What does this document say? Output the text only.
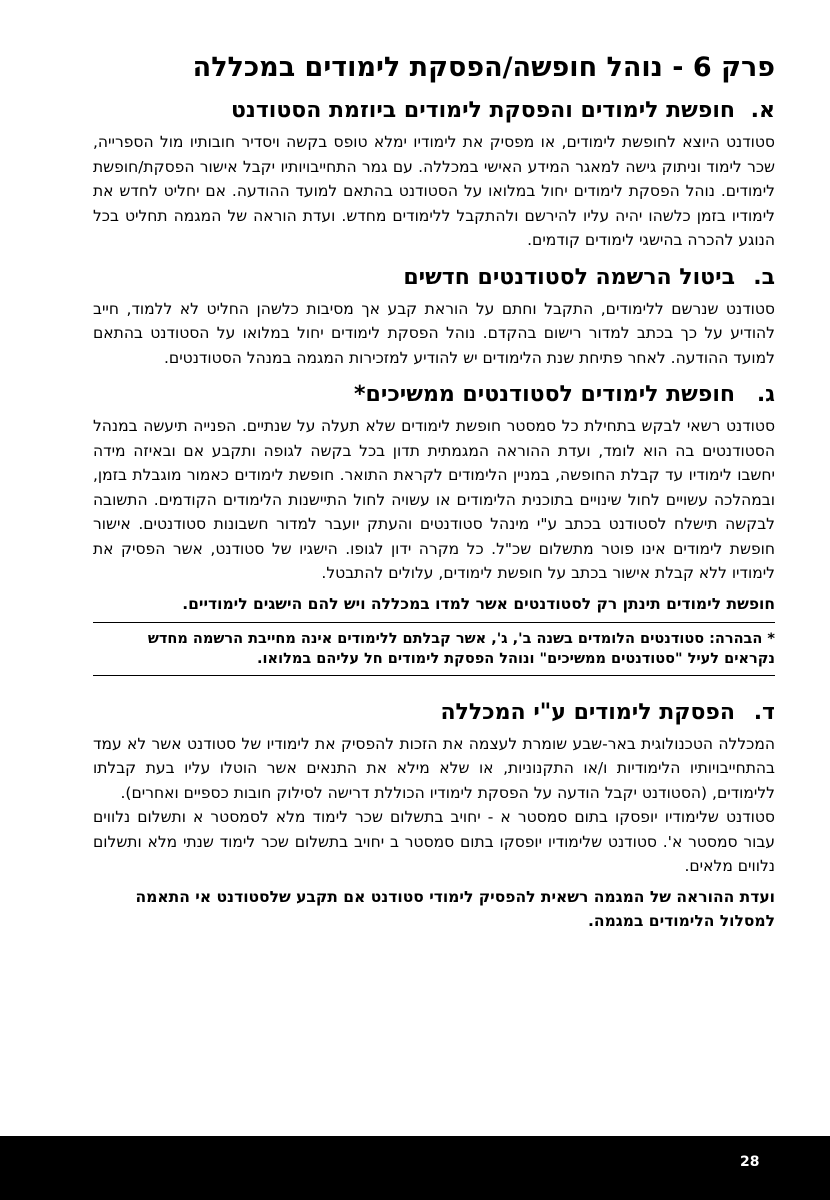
פרק 6 - נוהל חופשה/הפסקת לימודים במכללה
א.
חופשת לימודים והפסקת לימודים ביוזמת הסטודנט

סטודנט היוצא לחופשת לימודים, או מפסיק את לימודיו ימלא טופס בקשה ויסדיר חובותיו מול הספרייה, שכר לימוד וניתוק גישה למאגר המידע האישי במכללה. עם גמר התחייבויותיו יקבל אישור הפסקת/חופשת לימודים. נוהל הפסקת לימודים יחול במלואו על הסטודנט בהתאם למועד ההודעה. אם יחליט לחדש את לימודיו בזמן כלשהו יהיה עליו להירשם ולהתקבל ללימודים מחדש. ועדת הוראה של המגמה תחליט בכל הנוגע להכרה בהישגי לימודים קודמים.

ב.
ביטול הרשמה לסטודנטים חדשים

סטודנט שנרשם ללימודים, התקבל וחתם על הוראת קבע אך מסיבות כלשהן החליט לא ללמוד, חייב להודיע על כך בכתב למדור רישום בהקדם. נוהל הפסקת לימודים יחול במלואו על הסטודנט בהתאם למועד ההודעה. לאחר פתיחת שנת הלימודים יש להודיע למזכירות המגמה במנהל הסטודנטים.

ג.
חופשת לימודים לסטודנטים ממשיכים*

סטודנט רשאי לבקש בתחילת כל סמסטר חופשת לימודים שלא תעלה על שנתיים. הפנייה תיעשה במנהל הסטודנטים בה הוא לומד, ועדת ההוראה המגמתית תדון בכל בקשה לגופה ותקבע אם ובאיזה מידה יחשבו לימודיו עד קבלת החופשה, במניין הלימודים לקראת התואר. חופשת לימודים כאמור מוגבלת בזמן, ובמהלכה עשויים לחול שינויים בתוכנית הלימודים או עשויה לחול התיישנות הלימודים הקודמים. התשובה לבקשה תישלח לסטודנט בכתב ע"י מינהל סטודנטים והעתק יועבר למדור חשבונות סטודנטים. אישור חופשת לימודים אינו פוטר מתשלום שכ"ל. כל מקרה ידון לגופו. הישגיו של סטודנט, אשר הפסיק את לימודיו ללא קבלת אישור בכתב על חופשת לימודים, עלולים להתבטל.

חופשת לימודים תינתן רק לסטודנטים אשר למדו במכללה ויש להם הישגים לימודיים.

* הבהרה: סטודנטים הלומדים בשנה ב', ג', אשר קבלתם ללימודים אינה מחייבת הרשמה מחדש נקראים לעיל "סטודנטים ממשיכים" ונוהל הפסקת לימודים חל עליהם במלואו.

ד.
הפסקת לימודים ע"י המכללה

המכללה הטכנולוגית באר-שבע שומרת לעצמה את הזכות להפסיק את לימודיו של סטודנט אשר לא עמד בהתחייבויותיו הלימודיות ו/או התקנוניות, או שלא מילא את התנאים אשר הוטלו עליו בעת קבלתו ללימודים, (הסטודנט יקבל הודעה על הפסקת לימודיו הכוללת דרישה לסילוק חובות כספיים ואחרים).

סטודנט שלימודיו יופסקו בתום סמסטר א - יחויב בתשלום שכר לימוד מלא לסמסטר א ותשלום נלווים עבור סמסטר א'. סטודנט שלימודיו יופסקו בתום סמסטר ב יחויב בתשלום שכר לימוד שנתי מלא ותשלום נלווים מלאים.

ועדת ההוראה של המגמה רשאית להפסיק לימודי סטודנט אם תקבע שלסטודנט אי התאמה למסלול הלימודים במגמה.

28
